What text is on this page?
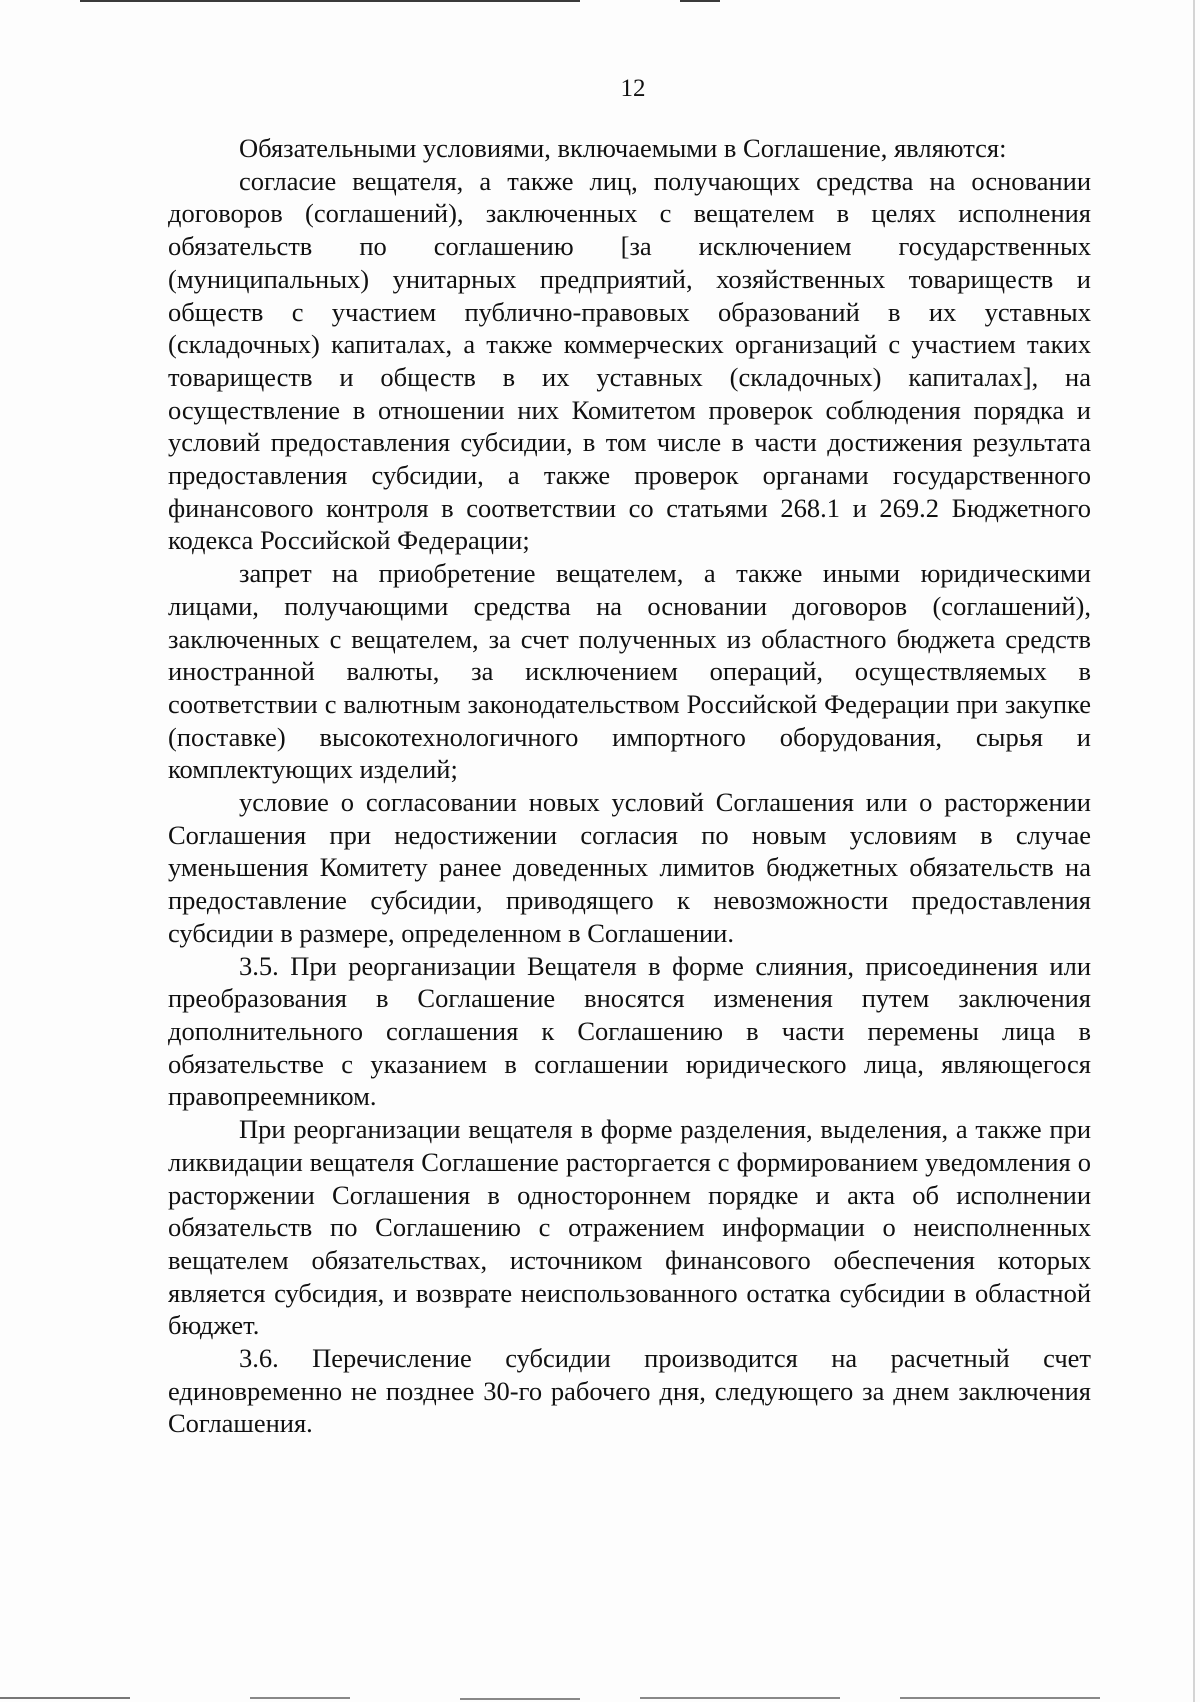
12

Обязательными условиями, включаемыми в Соглашение, являются:

согласие вещателя, а также лиц, получающих средства на основании договоров (соглашений), заключенных с вещателем в целях исполнения обязательств по соглашению [за исключением государственных (муниципальных) унитарных предприятий, хозяйственных товариществ и обществ с участием публично-правовых образований в их уставных (складочных) капиталах, а также коммерческих организаций с участием таких товариществ и обществ в их уставных (складочных) капиталах], на осуществление в отношении них Комитетом проверок соблюдения порядка и условий предоставления субсидии, в том числе в части достижения результата предоставления субсидии, а также проверок органами государственного финансового контроля в соответствии со статьями 268.1 и 269.2 Бюджетного кодекса Российской Федерации;

запрет на приобретение вещателем, а также иными юридическими лицами, получающими средства на основании договоров (соглашений), заключенных с вещателем, за счет полученных из областного бюджета средств иностранной валюты, за исключением операций, осуществляемых в соответствии с валютным законодательством Российской Федерации при закупке (поставке) высокотехнологичного импортного оборудования, сырья и комплектующих изделий;

условие о согласовании новых условий Соглашения или о расторжении Соглашения при недостижении согласия по новым условиям в случае уменьшения Комитету ранее доведенных лимитов бюджетных обязательств на предоставление субсидии, приводящего к невозможности предоставления субсидии в размере, определенном в Соглашении.

3.5. При реорганизации Вещателя в форме слияния, присоединения или преобразования в Соглашение вносятся изменения путем заключения дополнительного соглашения к Соглашению в части перемены лица в обязательстве с указанием в соглашении юридического лица, являющегося правопреемником.

При реорганизации вещателя в форме разделения, выделения, а также при ликвидации вещателя Соглашение расторгается с формированием уведомления о расторжении Соглашения в одностороннем порядке и акта об исполнении обязательств по Соглашению с отражением информации о неисполненных вещателем обязательствах, источником финансового обеспечения которых является субсидия, и возврате неиспользованного остатка субсидии в областной бюджет.

3.6. Перечисление субсидии производится на расчетный счет единовременно не позднее 30-го рабочего дня, следующего за днем заключения Соглашения.
